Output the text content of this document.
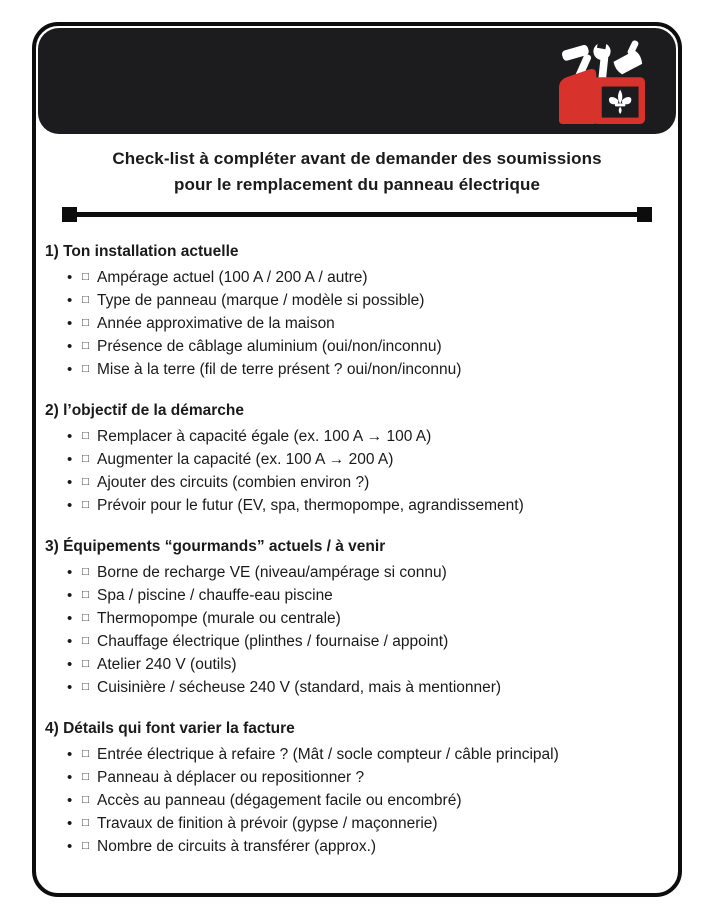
Check-list à compléter avant de demander des soumissions
pour le remplacement du panneau électrique
1) Ton installation actuelle
• □ Ampérage actuel (100 A / 200 A / autre)
• □ Type de panneau (marque / modèle si possible)
• □ Année approximative de la maison
• □ Présence de câblage aluminium (oui/non/inconnu)
• □ Mise à la terre (fil de terre présent ? oui/non/inconnu)
2) l’objectif de la démarche
• □ Remplacer à capacité égale (ex. 100 A → 100 A)
• □ Augmenter la capacité (ex. 100 A → 200 A)
• □ Ajouter des circuits (combien environ ?)
• □ Prévoir pour le futur (EV, spa, thermopompe, agrandissement)
3) Équipements “gourmands” actuels / à venir
• □ Borne de recharge VE (niveau/ampérage si connu)
• □ Spa / piscine / chauffe-eau piscine
• □ Thermopompe (murale ou centrale)
• □ Chauffage électrique (plinthes / fournaise / appoint)
• □ Atelier 240 V (outils)
• □ Cuisinière / sécheuse 240 V (standard, mais à mentionner)
4) Détails qui font varier la facture
• □ Entrée électrique à refaire ? (Mât / socle compteur / câble principal)
• □ Panneau à déplacer ou repositionner ?
• □ Accès au panneau (dégagement facile ou encombré)
• □ Travaux de finition à prévoir (gypse / maçonnerie)
• □ Nombre de circuits à transférer (approx.)
